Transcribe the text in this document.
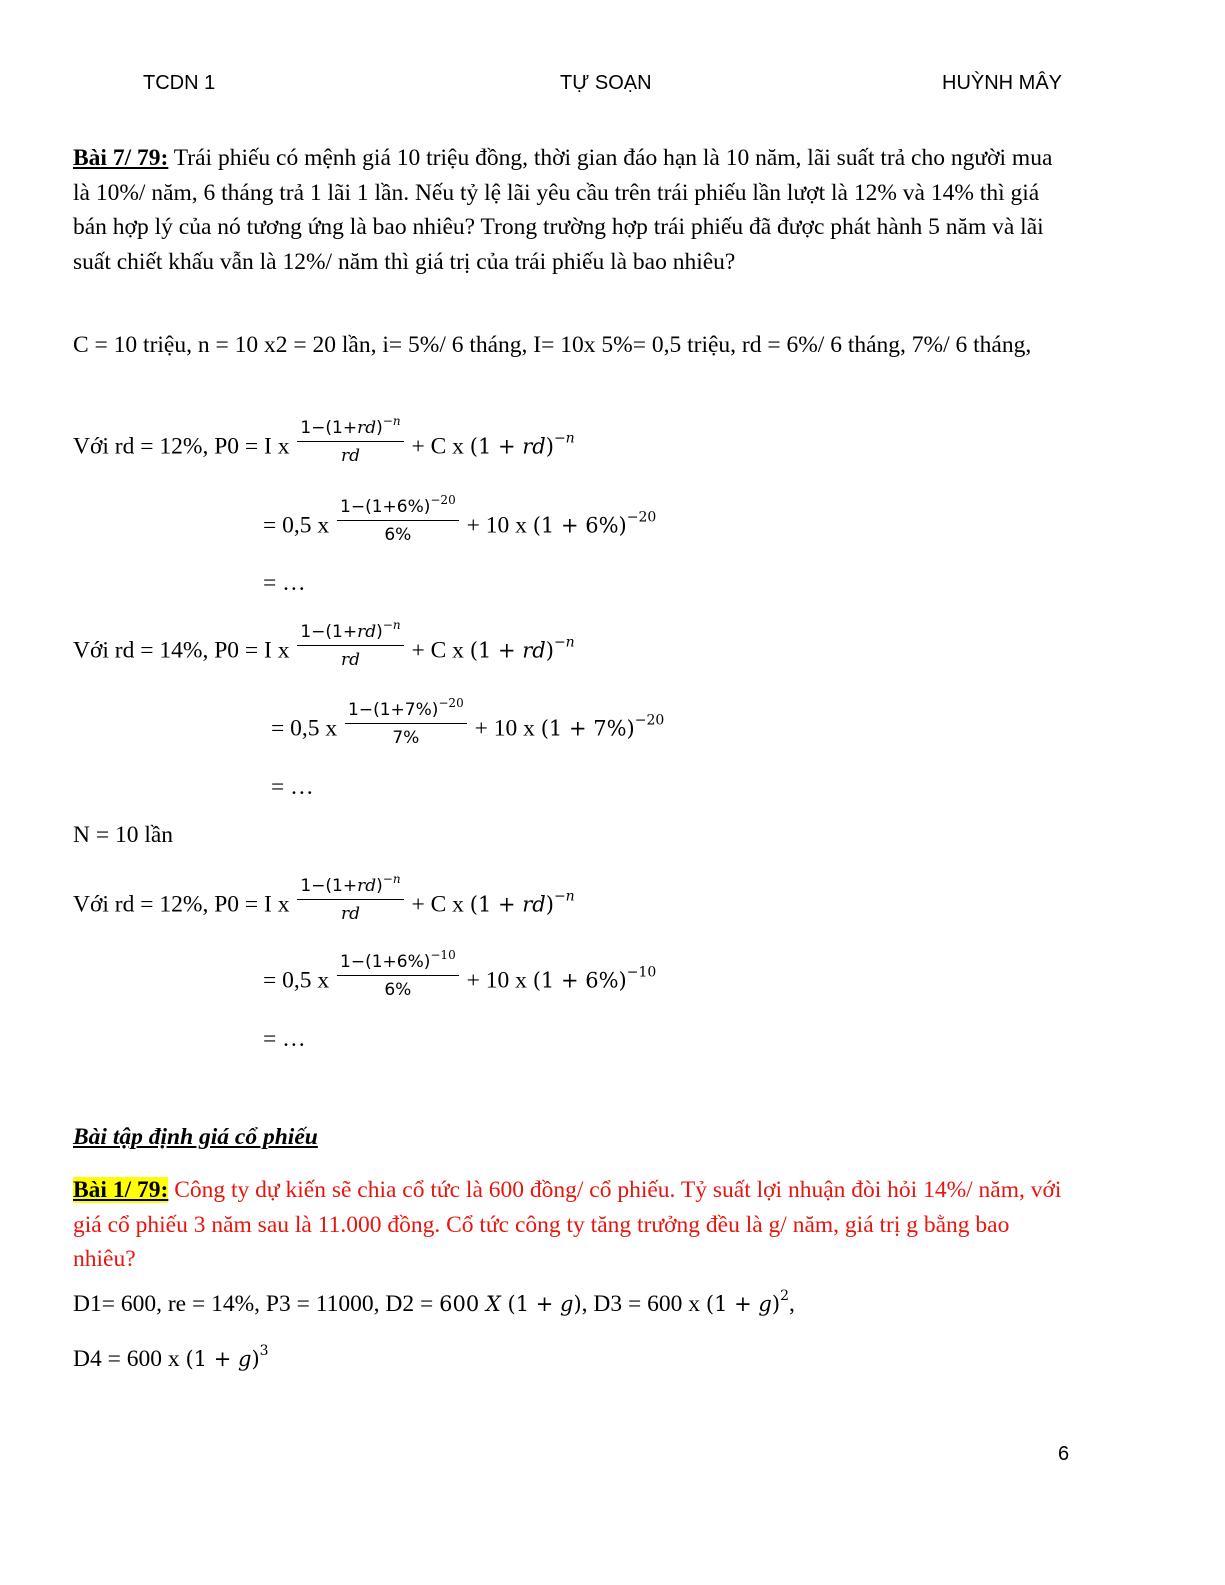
TCDN 1	TỰ SOẠN	HUỲNH MÂY
Bài 7/ 79: Trái phiếu có mệnh giá 10 triệu đồng, thời gian đáo hạn là 10 năm, lãi suất trả cho người mua là 10%/ năm, 6 tháng trả 1 lãi 1 lần. Nếu tỷ lệ lãi yêu cầu trên trái phiếu lần lượt là 12% và 14% thì giá bán hợp lý của nó tương ứng là bao nhiêu? Trong trường hợp trái phiếu đã được phát hành 5 năm và lãi suất chiết khấu vẫn là 12%/ năm thì giá trị của trái phiếu là bao nhiêu?
C = 10 triệu, n = 10 x2 = 20 lần, i= 5%/ 6 tháng, I= 10x 5%= 0,5 triệu, rd = 6%/ 6 tháng, 7%/ 6 tháng,
Với rd = 12%, P0 = I x $\frac{1-(1+rd)^{-n}}{rd} + C$ x (1 + rd)$^{-n}$
= 0,5 x $\frac{1-(1+6\%)^{-20}}{6\%} + 10$ x $(1 + 6\%)^{-20}$
= …
Với rd = 14%, P0 = I x $\frac{1-(1+rd)^{-n}}{rd} + C$ x (1 + rd)$^{-n}$
= 0,5 x $\frac{1-(1+7\%)^{-20}}{7\%} + 10$ x $(1 + 7\%)^{-20}$
= …
N = 10 lần
Với rd = 12%, P0 = I x $\frac{1-(1+rd)^{-n}}{rd} + C$ x (1 + rd)$^{-n}$
= 0,5 x $\frac{1-(1+6\%)^{-10}}{6\%} + 10$ x $(1 + 6\%)^{-10}$
= …
Bài tập định giá cổ phiếu
Bài 1/ 79: Công ty dự kiến sẽ chia cổ tức là 600 đồng/ cổ phiếu. Tỷ suất lợi nhuận đòi hỏi 14%/ năm, với giá cổ phiếu 3 năm sau là 11.000 đồng. Cổ tức công ty tăng trưởng đều là g/ năm, giá trị g bằng bao nhiêu?
D1= 600, re = 14%, P3 = 11000, D2 = 600 X (1 + g), D3 = 600 x $(1 + g)^2$,
D4 = 600 x $(1 + g)^3$
6
